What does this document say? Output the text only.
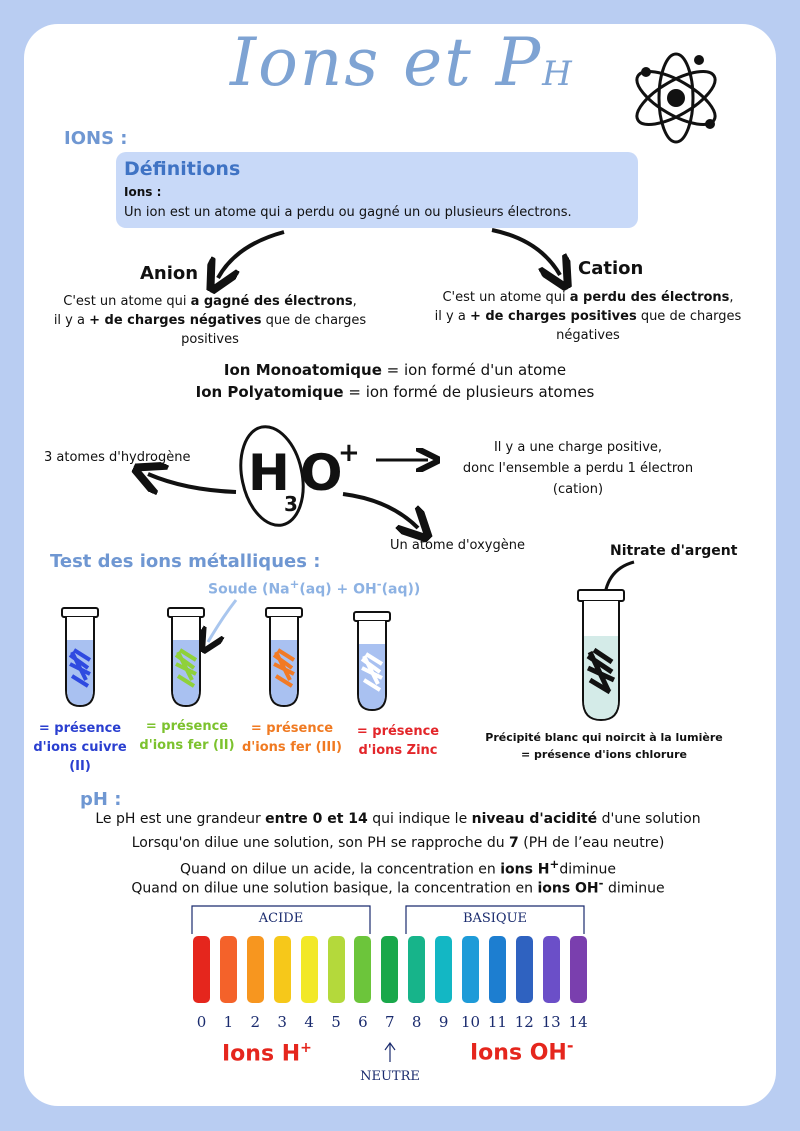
Ions et PH
IONS :
Définitions
Ions :
Un ion est un atome qui a perdu ou gagné un ou plusieurs électrons.
Anion
C'est un atome qui a gagné des électrons,
il y a + de charges négatives que de charges
positives
Cation
C'est un atome qui a perdu des électrons,
il y a + de charges positives que de charges
négatives
Ion Monoatomique = ion formé d'un atome
Ion Polyatomique = ion formé de plusieurs atomes
H
3
O
+
3 atomes d'hydrogène
Un atome d'oxygène
Il y a une charge positive,
donc l'ensemble a perdu 1 électron
(cation)
Test des ions métalliques :
Soude (Na+(aq) + OH-(aq))
= présence
d'ions cuivre
(II)
= présence
d'ions fer (II)
= présence
d'ions fer (III)
= présence
d'ions Zinc
Nitrate d'argent
Précipité blanc qui noircit à la lumière
= présence d'ions chlorure
pH :
Le pH est une grandeur entre 0 et 14 qui indique le niveau d'acidité d'une solution
Lorsqu'on dilue une solution, son PH se rapproche du 7 (PH de l’eau neutre)
Quand on dilue un acide, la concentration en ions H+diminue
Quand on dilue une solution basique, la concentration en ions OH- diminue
ACIDE	BASIQUE
0	1	2	3	4	5	6	7	8	9 10 11 12 13 14
NEUTRE
Ions H+	Ions OH-
